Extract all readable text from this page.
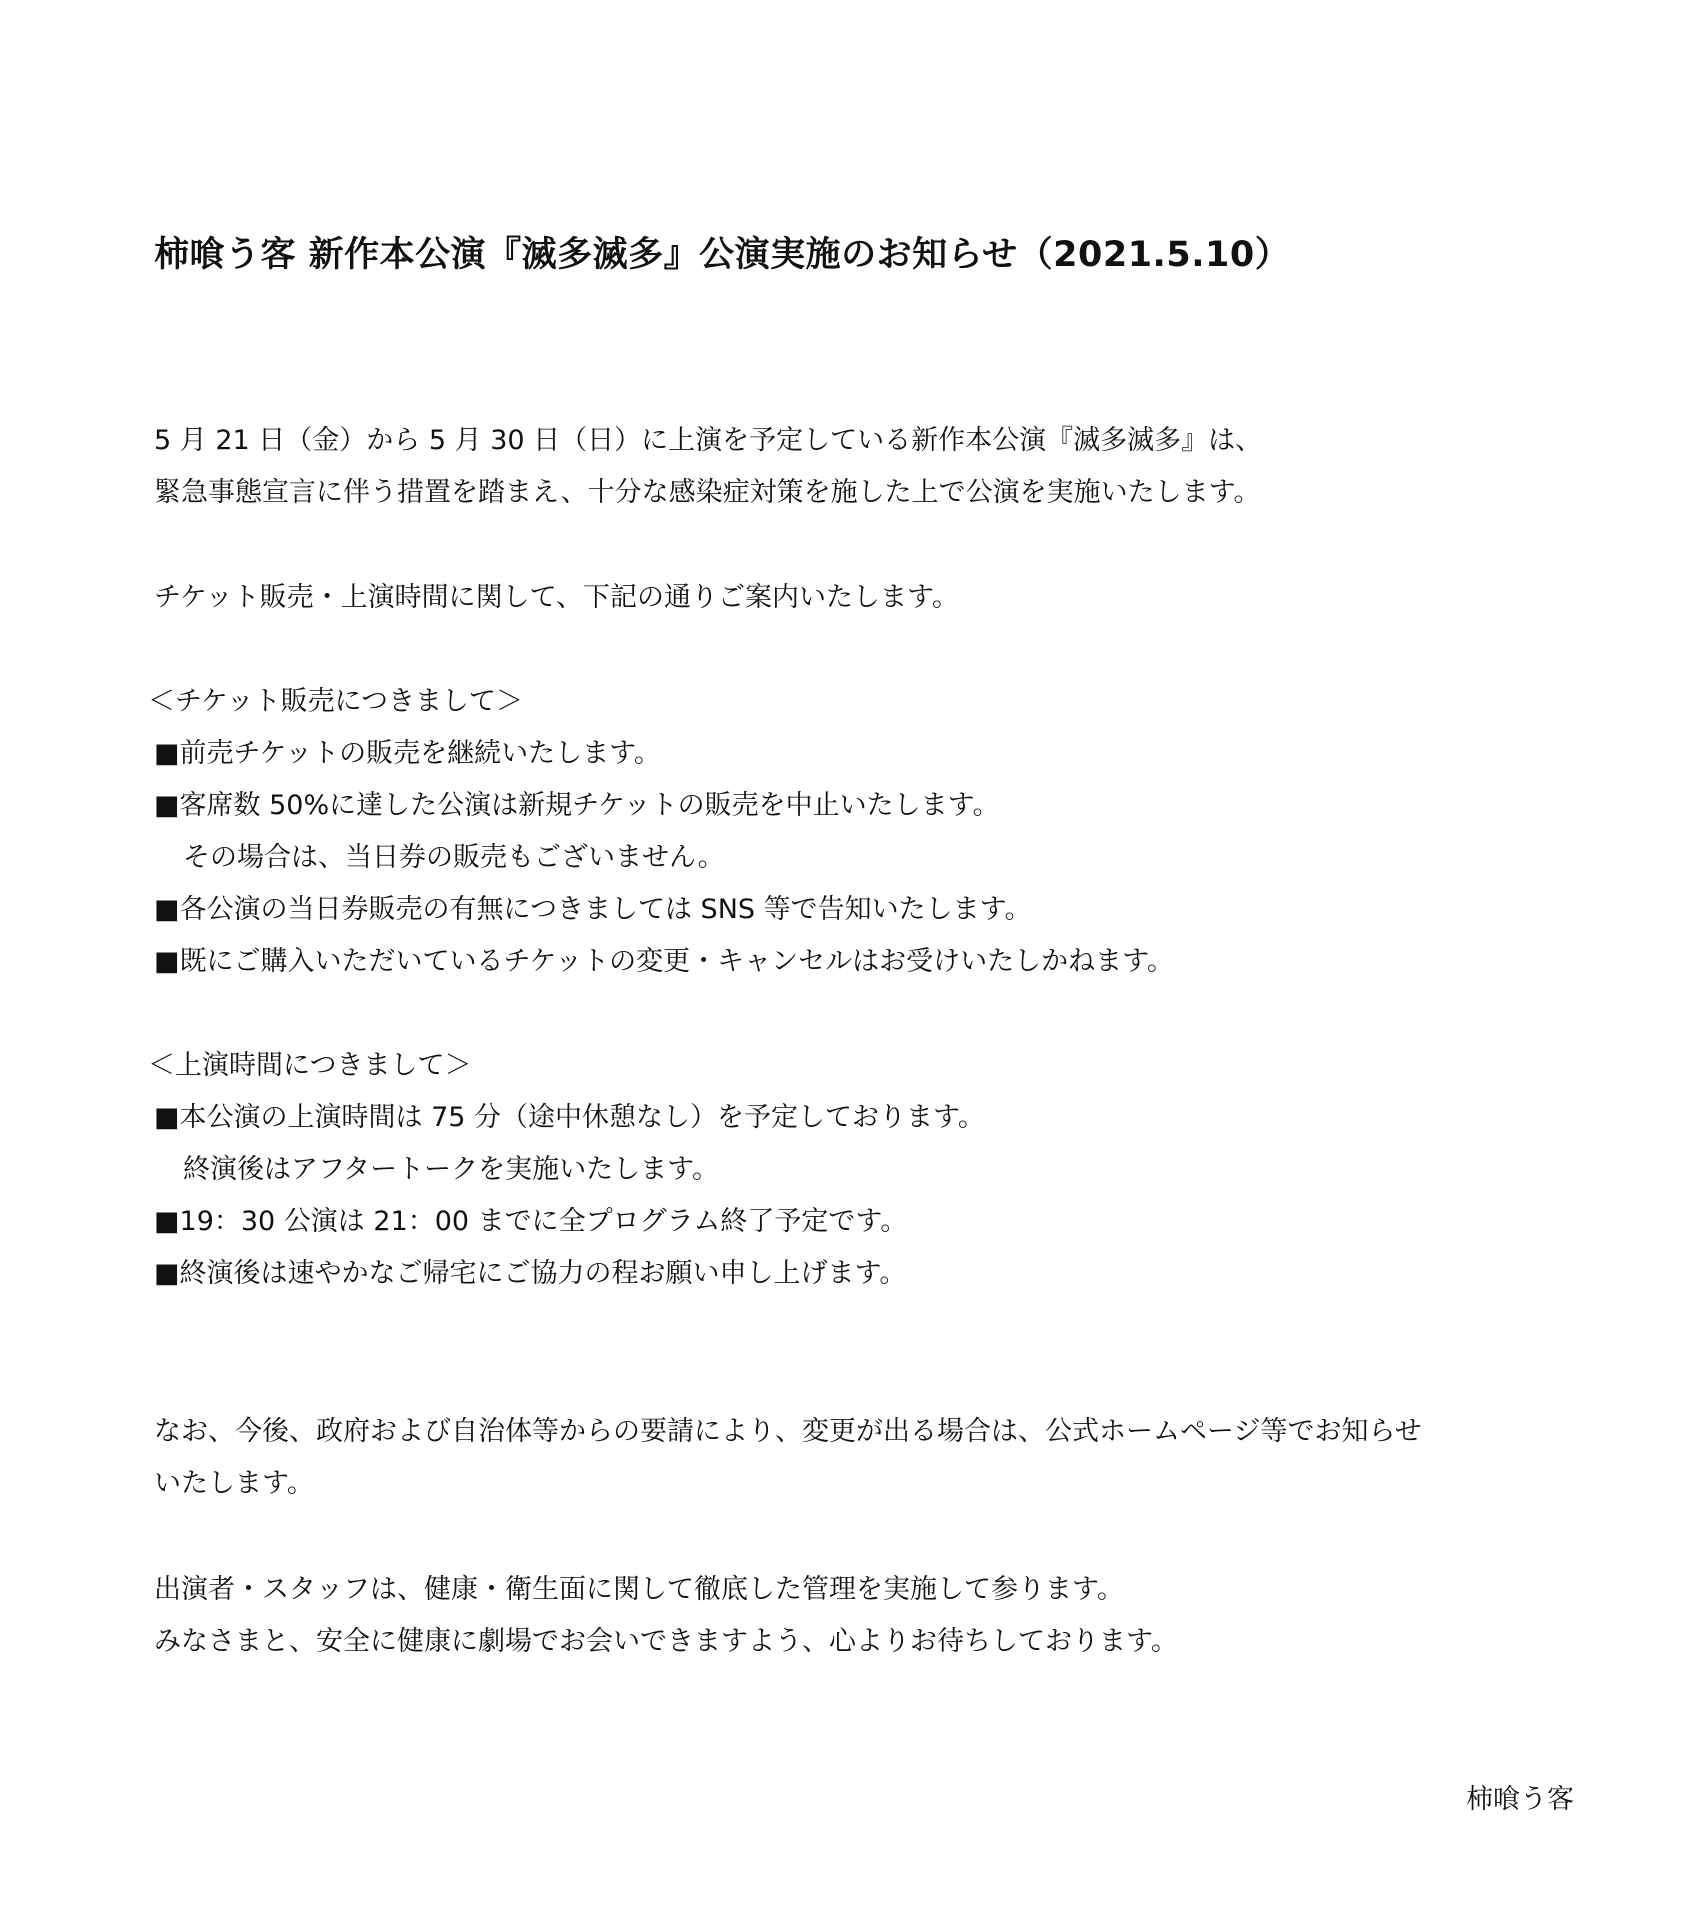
柿喰う客 新作本公演『滅多滅多』公演実施のお知らせ（2021.5.10）
5 月 21 日（金）から 5 月 30 日（日）に上演を予定している新作本公演『滅多滅多』は、
緊急事態宣言に伴う措置を踏まえ、十分な感染症対策を施した上で公演を実施いたします。
チケット販売・上演時間に関して、下記の通りご案内いたします。
＜チケット販売につきまして＞
■前売チケットの販売を継続いたします。
■客席数 50%に達した公演は新規チケットの販売を中止いたします。
その場合は、当日券の販売もございません。
■各公演の当日券販売の有無につきましては SNS 等で告知いたします。
■既にご購入いただいているチケットの変更・キャンセルはお受けいたしかねます。
＜上演時間につきまして＞
■本公演の上演時間は 75 分（途中休憩なし）を予定しております。
終演後はアフタートークを実施いたします。
■19：30 公演は 21：00 までに全プログラム終了予定です。
■終演後は速やかなご帰宅にご協力の程お願い申し上げます。
なお、今後、政府および自治体等からの要請により、変更が出る場合は、公式ホームページ等でお知らせ
いたします。
出演者・スタッフは、健康・衛生面に関して徹底した管理を実施して参ります。
みなさまと、安全に健康に劇場でお会いできますよう、心よりお待ちしております。
柿喰う客
